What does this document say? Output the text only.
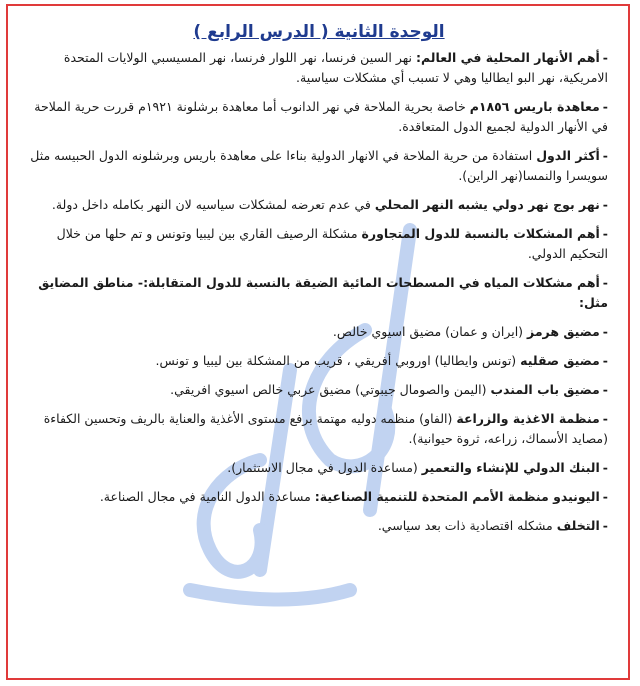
الوحدة الثانية ( الدرس الرابع )
-أهم الأنهار المحلية في العالم: نهر السين فرنسا، نهر اللوار فرنسا، نهر المسيسبي الولايات المتحدة الامريكية، نهر البو ايطاليا وهي لا تسبب أي مشكلات سياسية.
-معاهدة باريس ١٨٥٦م خاصة بحرية الملاحة في نهر الدانوب أما معاهدة برشلونة ١٩٢١م قررت حرية الملاحة في الأنهار الدولية لجميع الدول المتعاقدة.
-أكثر الدول استفادة من حرية الملاحة في الانهار الدولية بناءا على معاهدة باريس وبرشلونه الدول الحبيسه مثل سويسرا والنمسا(نهر الراين).
-نهر بوج نهر دولي يشبه النهر المحلي في عدم تعرضه لمشكلات سياسيه لان النهر بكامله داخل دولة.
-أهم المشكلات بالنسبة للدول المتجاورة مشكلة الرصيف القاري بين ليبيا وتونس و تم حلها من خلال التحكيم الدولي.
-أهم مشكلات المياه في المسطحات المائية الضيقة بالنسبة للدول المتقابلة:- مناطق المضايق مثل:
-مضيق هرمز (ايران و عمان) مضيق اسيوي خالص.
-مضيق صقليه (تونس وايطاليا) اوروبي أفريقي ، قريب من المشكلة بين ليبيا و تونس.
-مضيق باب المندب (اليمن والصومال جيبوتي) مضيق عربي خالص اسيوي افريقي.
-منظمة الاغذية والزراعة (الفاو) منظمه دوليه مهتمة برفع مستوى الأغذية والعناية بالريف وتحسين الكفاءة (مصايد الأسماك، زراعه، ثروة حيوانية).
-البنك الدولي للإنشاء والتعمير (مساعدة الدول في مجال الاستثمار).
-اليونيدو منظمة الأمم المتحدة للتنمية الصناعية: مساعدة الدول النامية في مجال الصناعة.
-التخلف مشكله اقتصادية ذات بعد سياسي.
